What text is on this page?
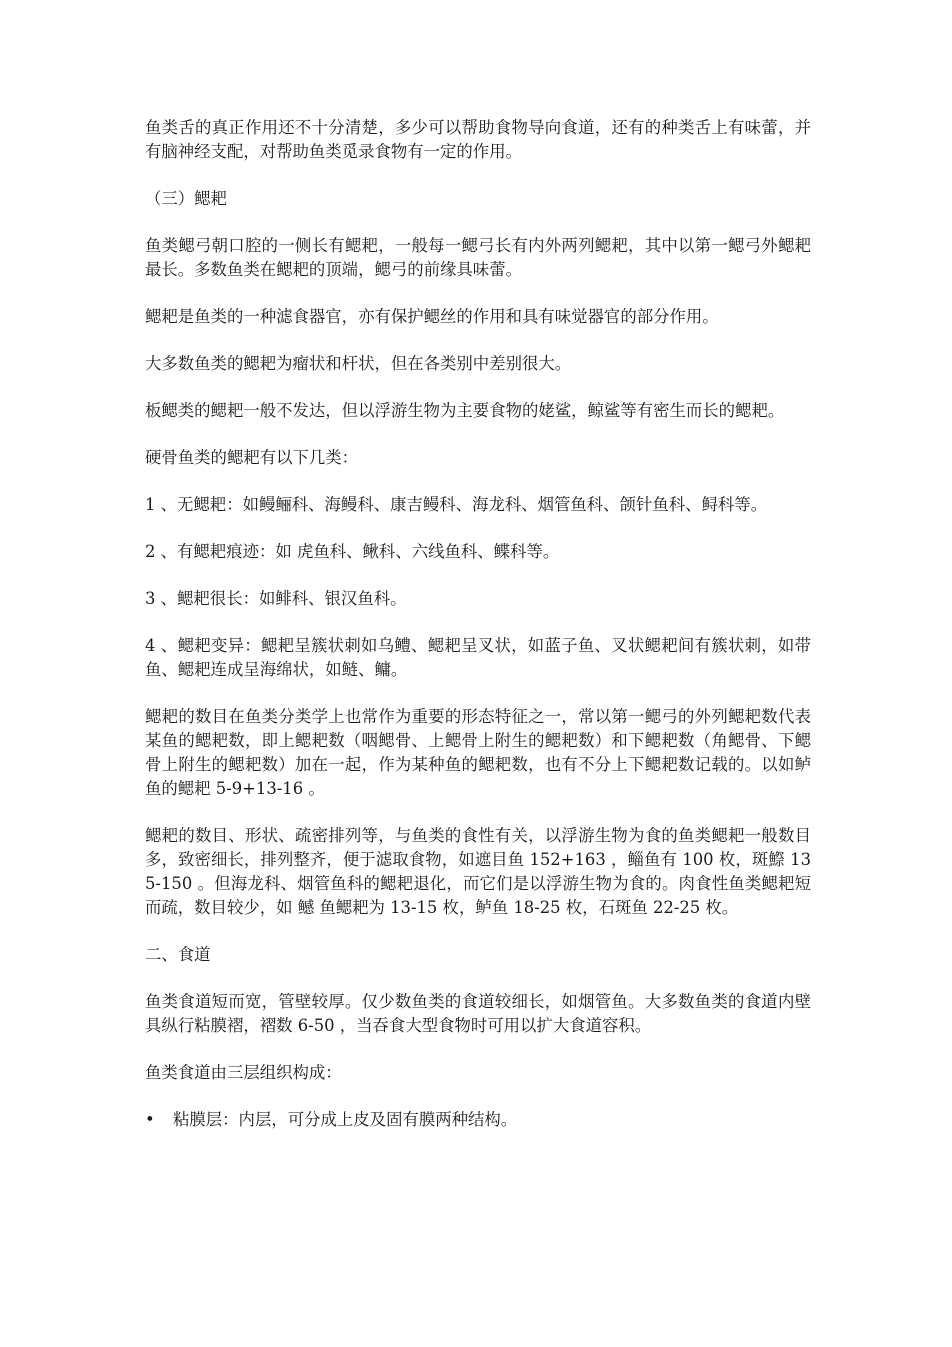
鱼类舌的真正作用还不十分清楚，多少可以帮助食物导向食道，还有的种类舌上有味蕾，并有脑神经支配，对帮助鱼类觅录食物有一定的作用。

（三）鳃耙

鱼类鳃弓朝口腔的一侧长有鳃耙，一般每一鳃弓长有内外两列鳃耙，其中以第一鳃弓外鳃耙最长。多数鱼类在鳃耙的顶端，鳃弓的前缘具味蕾。

鳃耙是鱼类的一种滤食器官，亦有保护鳃丝的作用和具有味觉器官的部分作用。

大多数鱼类的鳃耙为瘤状和杆状，但在各类别中差别很大。

板鳃类的鳃耙一般不发达，但以浮游生物为主要食物的姥鲨，鲸鲨等有密生而长的鳃耙。

硬骨鱼类的鳃耙有以下几类：

1 、无鳃耙：如鳗鲡科、海鳗科、康吉鳗科、海龙科、烟管鱼科、颌针鱼科、鲟科等。

2 、有鳃耙痕迹：如 虎鱼科、鳅科、六线鱼科、鲽科等。

3 、鳃耙很长：如鲱科、银汉鱼科。

4 、鳃耙变异：鳃耙呈簇状刺如乌鳢、鳃耙呈叉状，如蓝子鱼、叉状鳃耙间有簇状刺，如带鱼、鳃耙连成呈海绵状，如鲢、鳙。

鳃耙的数目在鱼类分类学上也常作为重要的形态特征之一，常以第一鳃弓的外列鳃耙数代表某鱼的鳃耙数，即上鳃耙数（咽鳃骨、上鳃骨上附生的鳃耙数）和下鳃耙数（角鳃骨、下鳃骨上附生的鳃耙数）加在一起，作为某种鱼的鳃耙数，也有不分上下鳃耙数记载的。以如鲈鱼的鳃耙 5-9+13-16 。

鳃耙的数目、形状、疏密排列等，与鱼类的食性有关，以浮游生物为食的鱼类鳃耙一般数目多，致密细长，排列整齐，便于滤取食物，如遮目鱼 152+163 ，鲻鱼有 100 枚，斑鰶 135-150 。但海龙科、烟管鱼科的鳃耙退化，而它们是以浮游生物为食的。肉食性鱼类鳃耙短而疏，数目较少，如 鳡 鱼鳃耙为 13-15 枚，鲈鱼 18-25 枚，石斑鱼 22-25 枚。

二、食道

鱼类食道短而宽，管壁较厚。仅少数鱼类的食道较细长，如烟管鱼。大多数鱼类的食道内壁具纵行粘膜褶，褶数 6-50 ，当吞食大型食物时可用以扩大食道容积。

鱼类食道由三层组织构成：

•	粘膜层：内层，可分成上皮及固有膜两种结构。
